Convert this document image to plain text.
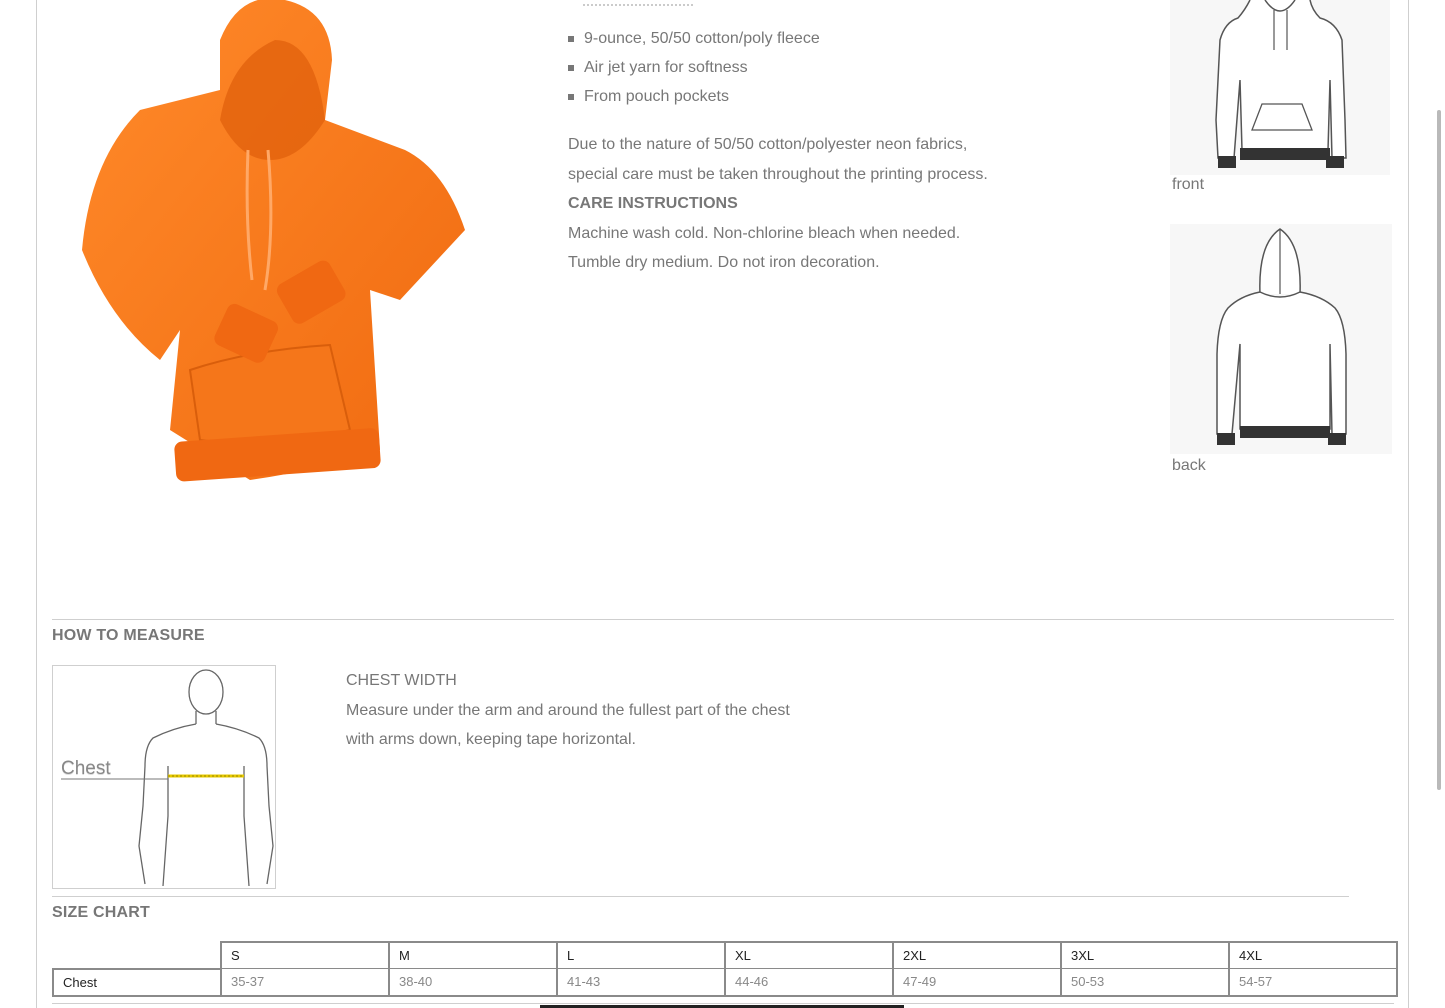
9-ounce, 50/50 cotton/poly fleece
Air jet yarn for softness
From pouch pockets
Due to the nature of 50/50 cotton/polyester neon fabrics,
special care must be taken throughout the printing process.
CARE INSTRUCTIONS
Machine wash cold. Non-chlorine bleach when needed.
Tumble dry medium. Do not iron decoration.
front
back
HOW TO MEASURE
Chest
CHEST WIDTH
Measure under the arm and around the fullest part of the chest
with arms down, keeping tape horizontal.
SIZE CHART
	S	M	L	XL	2XL	3XL	4XL
Chest	35-37	38-40	41-43	44-46	47-49	50-53	54-57
